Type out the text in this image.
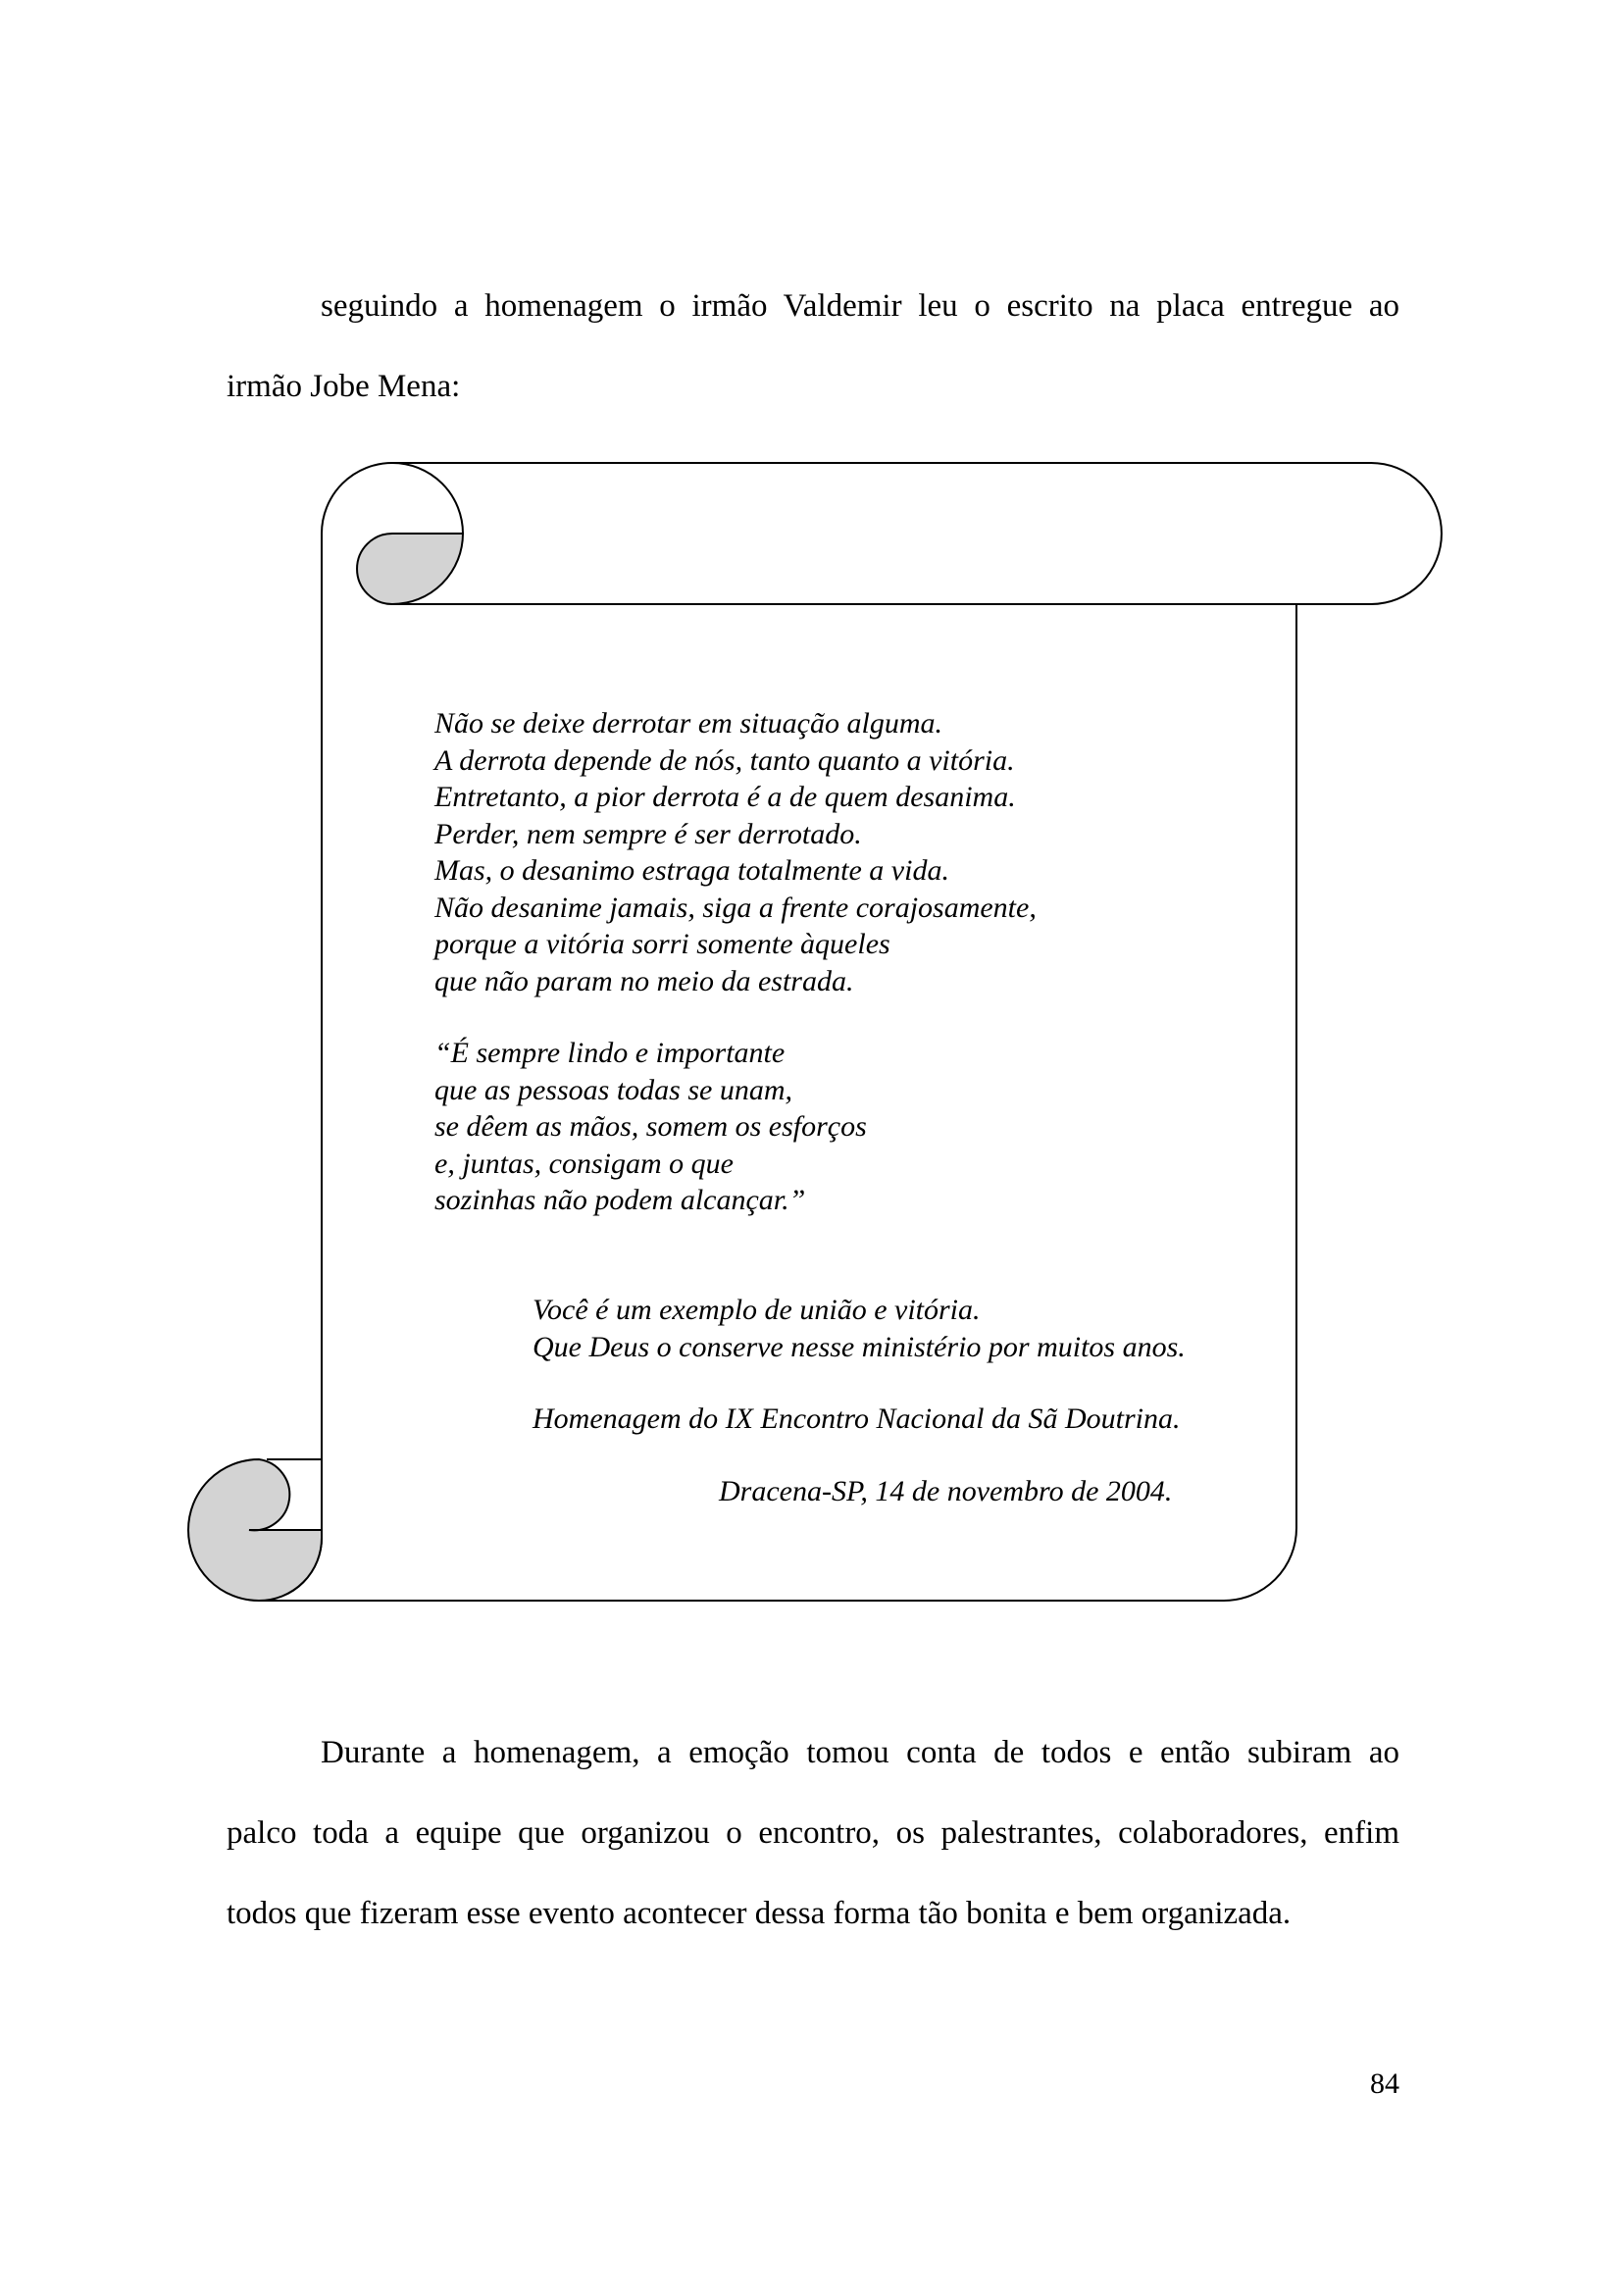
seguindo a homenagem o irmão Valdemir leu o escrito na placa entregue ao
irmão Jobe Mena:
Não se deixe derrotar em situação alguma.
A derrota depende de nós, tanto quanto a vitória.
Entretanto, a pior derrota é a de quem desanima.
Perder, nem sempre é ser derrotado.
Mas, o desanimo estraga totalmente a vida.
Não desanime jamais, siga a frente corajosamente,
porque a vitória sorri somente àqueles
que não param no meio da estrada.
“É sempre lindo e importante
que as pessoas todas se unam,
se dêem as mãos, somem os esforços
e, juntas, consigam o que
sozinhas não podem alcançar.”
Você é um exemplo de união e vitória.
Que Deus o conserve nesse ministério por muitos anos.
Homenagem do IX Encontro Nacional da Sã Doutrina.
Dracena-SP, 14 de novembro de 2004.
Durante a homenagem, a emoção tomou conta de todos e então subiram ao
palco toda a equipe que organizou o encontro, os palestrantes, colaboradores, enfim
todos que fizeram esse evento acontecer dessa forma tão bonita e bem organizada.
84
